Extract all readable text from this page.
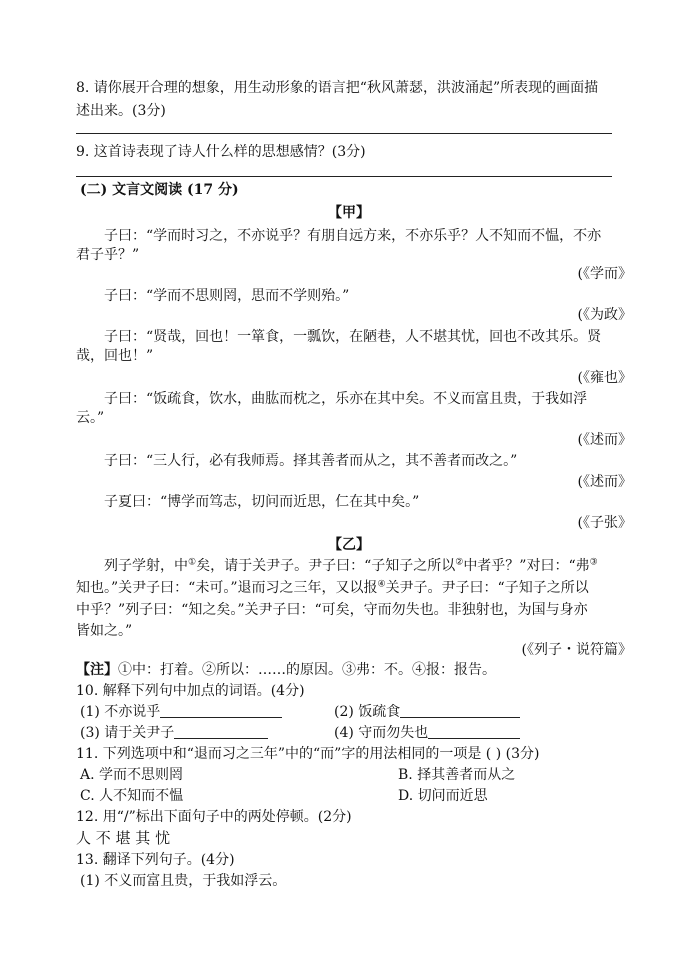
8. 请你展开合理的想象，用生动形象的语言把“秋风萧瑟，洪波涌起”所表现的画面描
述出来。(3分)
9. 这首诗表现了诗人什么样的思想感情？(3分)
(二) 文言文阅读 (17 分)
【甲】
子曰：“学而时习之，不亦说乎？有朋自远方来，不亦乐乎？人不知而不愠，不亦
君子乎？”
(《学而》
子曰：“学而不思则罔，思而不学则殆。”
(《为政》
子曰：“贤哉，回也！一箪食，一瓢饮，在陋巷，人不堪其忧，回也不改其乐。贤
哉，回也！”
(《雍也》
子曰：“饭疏食，饮水，曲肱而枕之，乐亦在其中矣。不义而富且贵，于我如浮
云。”
(《述而》
子曰：“三人行，必有我师焉。择其善者而从之，其不善者而改之。”
(《述而》
子夏曰：“博学而笃志，切问而近思，仁在其中矣。”
(《子张》
【乙】
列子学射，中①矣，请于关尹子。尹子曰：“子知子之所以②中者乎？”对曰：“弗③
知也。”关尹子曰：“未可。”退而习之三年，又以报④关尹子。尹子曰：“子知子之所以
中乎？”列子曰：“知之矣。”关尹子曰：“可矣，守而勿失也。非独射也，为国与身亦
皆如之。”
(《列子・说符篇》
【注】①中：打着。②所以：……的原因。③弗：不。④报：报告。
10. 解释下列句中加点的词语。(4分)
(1) 不亦说乎	(2) 饭疏食
(3) 请于关尹子	(4) 守而勿失也
11. 下列选项中和“退而习之三年”中的“而”字的用法相同的一项是 ( ) (3分)
A. 学而不思则罔	B. 择其善者而从之
C. 人不知而不愠	D. 切问而近思
12. 用“/”标出下面句子中的两处停顿。(2分)
人 不 堪 其 忧
13. 翻译下列句子。(4分)
(1) 不义而富且贵，于我如浮云。
